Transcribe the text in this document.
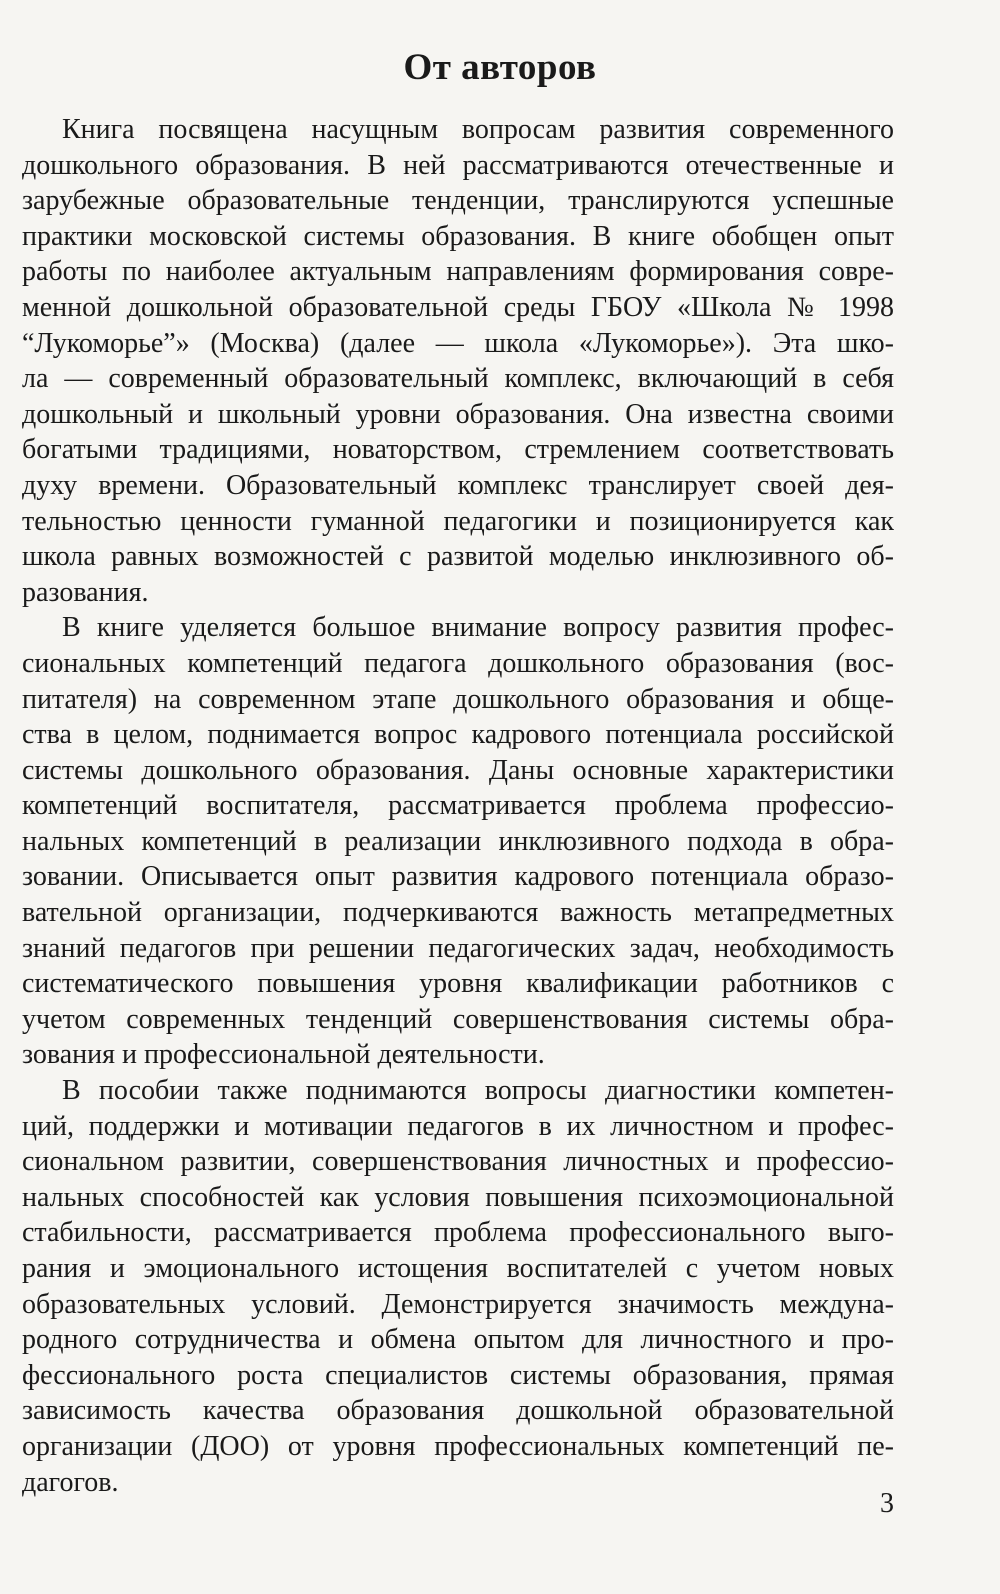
От авторов
Книга посвящена насущным вопросам развития современного
дошкольного образования. В ней рассматриваются отечественные и
зарубежные образовательные тенденции, транслируются успешные
практики московской системы образования. В книге обобщен опыт
работы по наиболее актуальным направлениям формирования совре-
менной дошкольной образовательной среды ГБОУ «Школа № 1998
“Лукоморье”» (Москва) (далее — школа «Лукоморье»). Эта шко-
ла — современный образовательный комплекс, включающий в себя
дошкольный и школьный уровни образования. Она известна своими
богатыми традициями, новаторством, стремлением соответствовать
духу времени. Образовательный комплекс транслирует своей дея-
тельностью ценности гуманной педагогики и позиционируется как
школа равных возможностей с развитой моделью инклюзивного об-
разования.
В книге уделяется большое внимание вопросу развития профес-
сиональных компетенций педагога дошкольного образования (вос-
питателя) на современном этапе дошкольного образования и обще-
ства в целом, поднимается вопрос кадрового потенциала российской
системы дошкольного образования. Даны основные характеристики
компетенций воспитателя, рассматривается проблема профессио-
нальных компетенций в реализации инклюзивного подхода в обра-
зовании. Описывается опыт развития кадрового потенциала образо-
вательной организации, подчеркиваются важность метапредметных
знаний педагогов при решении педагогических задач, необходимость
систематического повышения уровня квалификации работников с
учетом современных тенденций совершенствования системы обра-
зования и профессиональной деятельности.
В пособии также поднимаются вопросы диагностики компетен-
ций, поддержки и мотивации педагогов в их личностном и профес-
сиональном развитии, совершенствования личностных и профессио-
нальных способностей как условия повышения психоэмоциональной
стабильности, рассматривается проблема профессионального выго-
рания и эмоционального истощения воспитателей с учетом новых
образовательных условий. Демонстрируется значимость междуна-
родного сотрудничества и обмена опытом для личностного и про-
фессионального роста специалистов системы образования, прямая
зависимость качества образования дошкольной образовательной
организации (ДОО) от уровня профессиональных компетенций пе-
дагогов.
3
